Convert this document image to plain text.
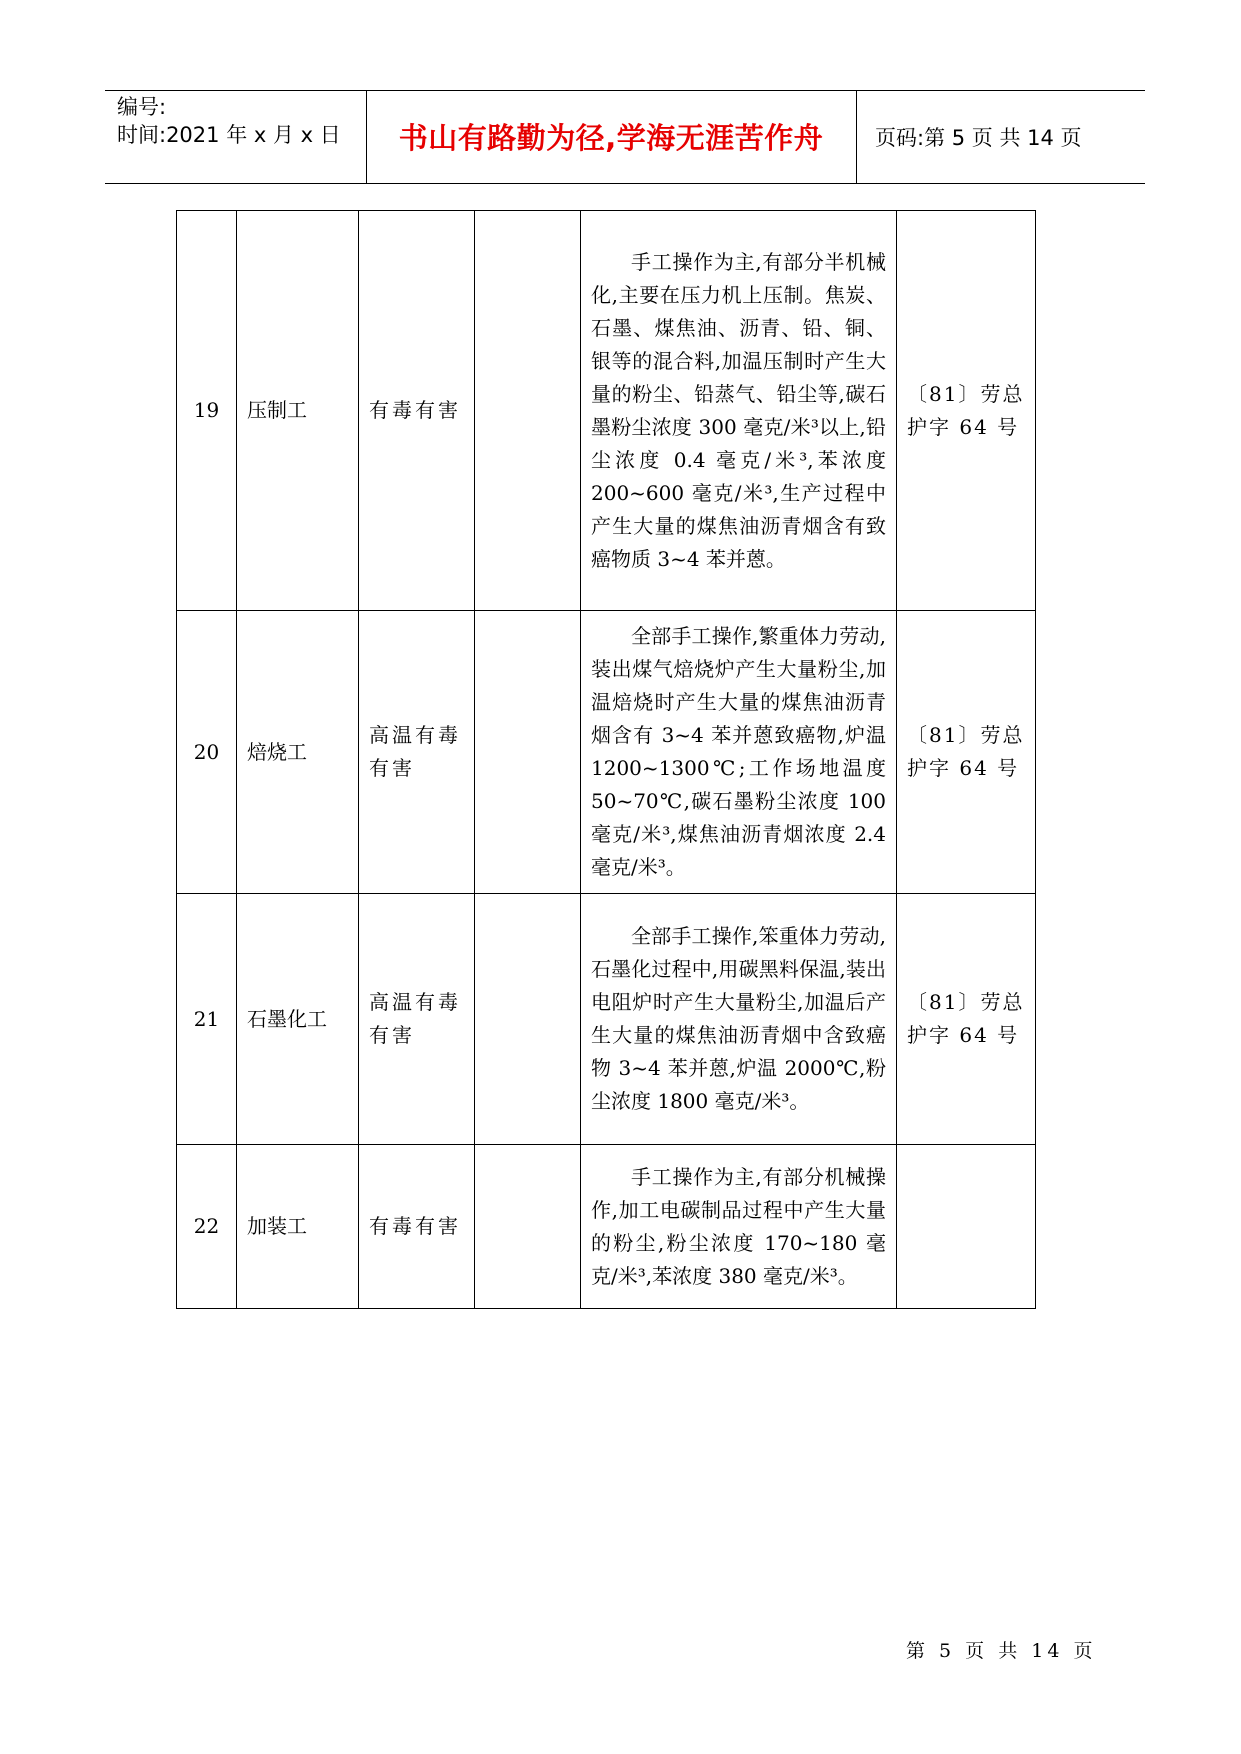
编号:
时间:2021 年 x 月 x 日	书山有路勤为径,学海无涯苦作舟	页码:第 5 页 共 14 页
19	压制工	有毒有害		手工操作为主,有部分半机械化,主要在压力机上压制。焦炭、石墨、煤焦油、沥青、铅、铜、银等的混合料,加温压制时产生大量的粉尘、铅蒸气、铅尘等,碳石墨粉尘浓度 300 毫克/米³以上,铅尘浓度 0.4 毫克/米³,苯浓度 200~600 毫克/米³,生产过程中产生大量的煤焦油沥青烟含有致癌物质 3~4 苯并蒽。	〔81〕劳总护字 64 号
20	焙烧工	高温有毒有害		全部手工操作,繁重体力劳动,装出煤气焙烧炉产生大量粉尘,加温焙烧时产生大量的煤焦油沥青烟含有 3~4 苯并蒽致癌物,炉温 1200~1300℃;工作场地温度 50~70℃,碳石墨粉尘浓度 100 毫克/米³,煤焦油沥青烟浓度 2.4 毫克/米³。	〔81〕劳总护字 64 号
21	石墨化工	高温有毒有害		全部手工操作,笨重体力劳动,石墨化过程中,用碳黑料保温,装出电阻炉时产生大量粉尘,加温后产生大量的煤焦油沥青烟中含致癌物 3~4 苯并蒽,炉温 2000℃,粉尘浓度 1800 毫克/米³。	〔81〕劳总护字 64 号
22	加装工	有毒有害		手工操作为主,有部分机械操作,加工电碳制品过程中产生大量的粉尘,粉尘浓度 170~180 毫克/米³,苯浓度 380 毫克/米³。	

第 5 页 共 14 页
